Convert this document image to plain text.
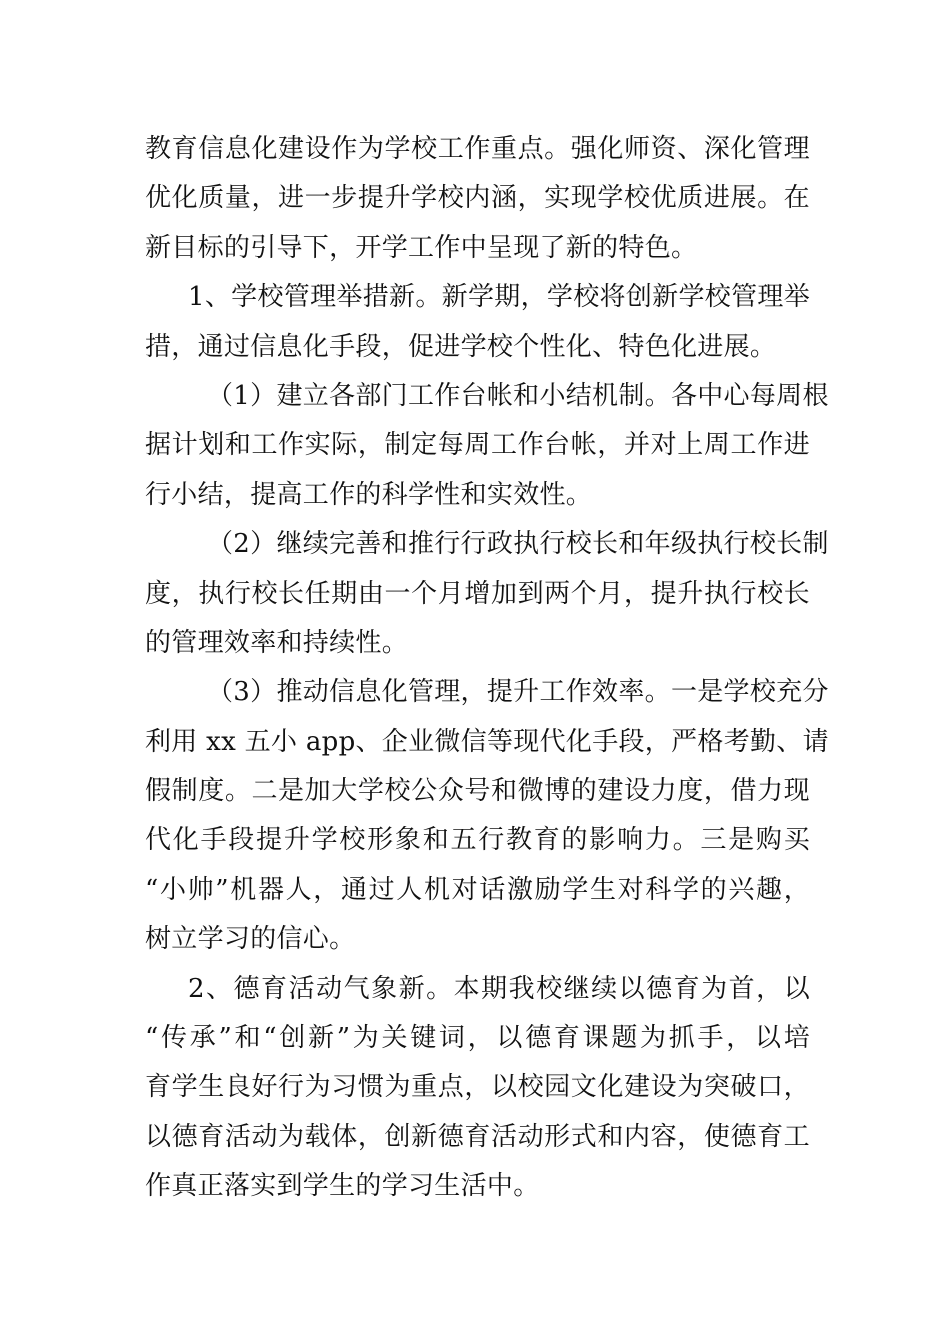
教育信息化建设作为学校工作重点。强化师资、深化管理
优化质量，进一步提升学校内涵，实现学校优质进展。在
新目标的引导下，开学工作中呈现了新的特色。
1、学校管理举措新。新学期，学校将创新学校管理举
措，通过信息化手段，促进学校个性化、特色化进展。
（1）建立各部门工作台帐和小结机制。各中心每周根
据计划和工作实际，制定每周工作台帐，并对上周工作进
行小结，提高工作的科学性和实效性。
（2）继续完善和推行行政执行校长和年级执行校长制
度，执行校长任期由一个月增加到两个月，提升执行校长
的管理效率和持续性。
（3）推动信息化管理，提升工作效率。一是学校充分
利用 xx 五小 app、企业微信等现代化手段，严格考勤、请
假制度。二是加大学校公众号和微博的建设力度，借力现
代化手段提升学校形象和五行教育的影响力。三是购买
“小帅”机器人，通过人机对话激励学生对科学的兴趣，
树立学习的信心。
2、德育活动气象新。本期我校继续以德育为首，以
“传承”和“创新”为关键词，以德育课题为抓手，以培
育学生良好行为习惯为重点，以校园文化建设为突破口，
以德育活动为载体，创新德育活动形式和内容，使德育工
作真正落实到学生的学习生活中。
